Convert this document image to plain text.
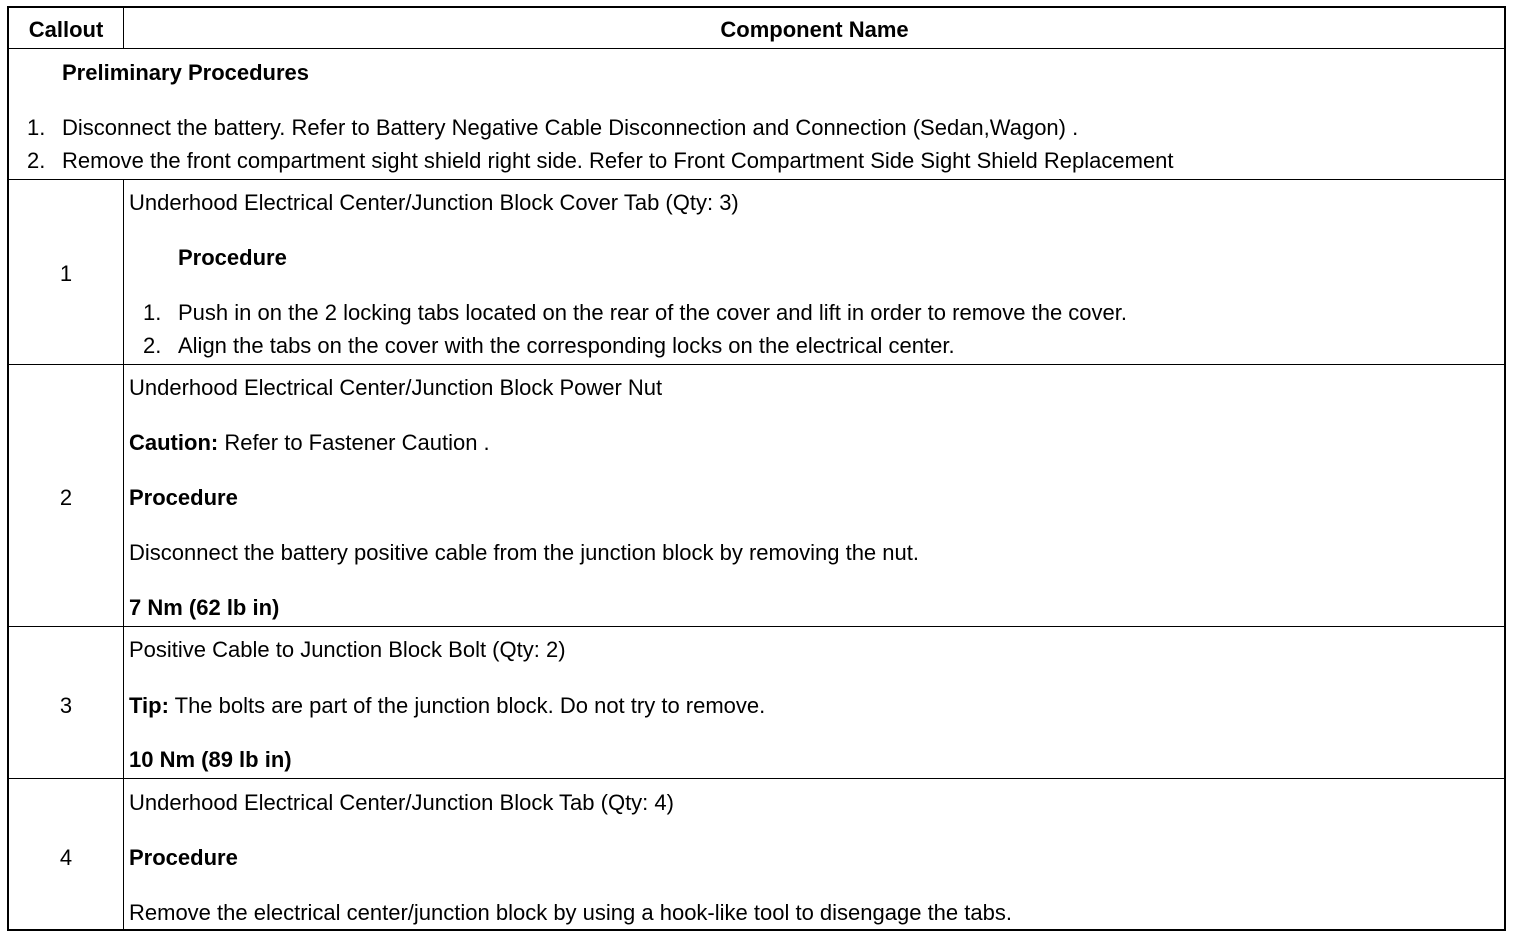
Callout	Component Name
Preliminary Procedures
1. Disconnect the battery. Refer to Battery Negative Cable Disconnection and Connection (Sedan,Wagon) .
2. Remove the front compartment sight shield right side. Refer to Front Compartment Side Sight Shield Replacement
1
Underhood Electrical Center/Junction Block Cover Tab (Qty: 3)
Procedure
1. Push in on the 2 locking tabs located on the rear of the cover and lift in order to remove the cover.
2. Align the tabs on the cover with the corresponding locks on the electrical center.
2
Underhood Electrical Center/Junction Block Power Nut
Caution: Refer to Fastener Caution .
Procedure
Disconnect the battery positive cable from the junction block by removing the nut.
7 Nm (62 lb in)
3
Positive Cable to Junction Block Bolt (Qty: 2)
Tip: The bolts are part of the junction block. Do not try to remove.
10 Nm (89 lb in)
4
Underhood Electrical Center/Junction Block Tab (Qty: 4)
Procedure
Remove the electrical center/junction block by using a hook-like tool to disengage the tabs.
